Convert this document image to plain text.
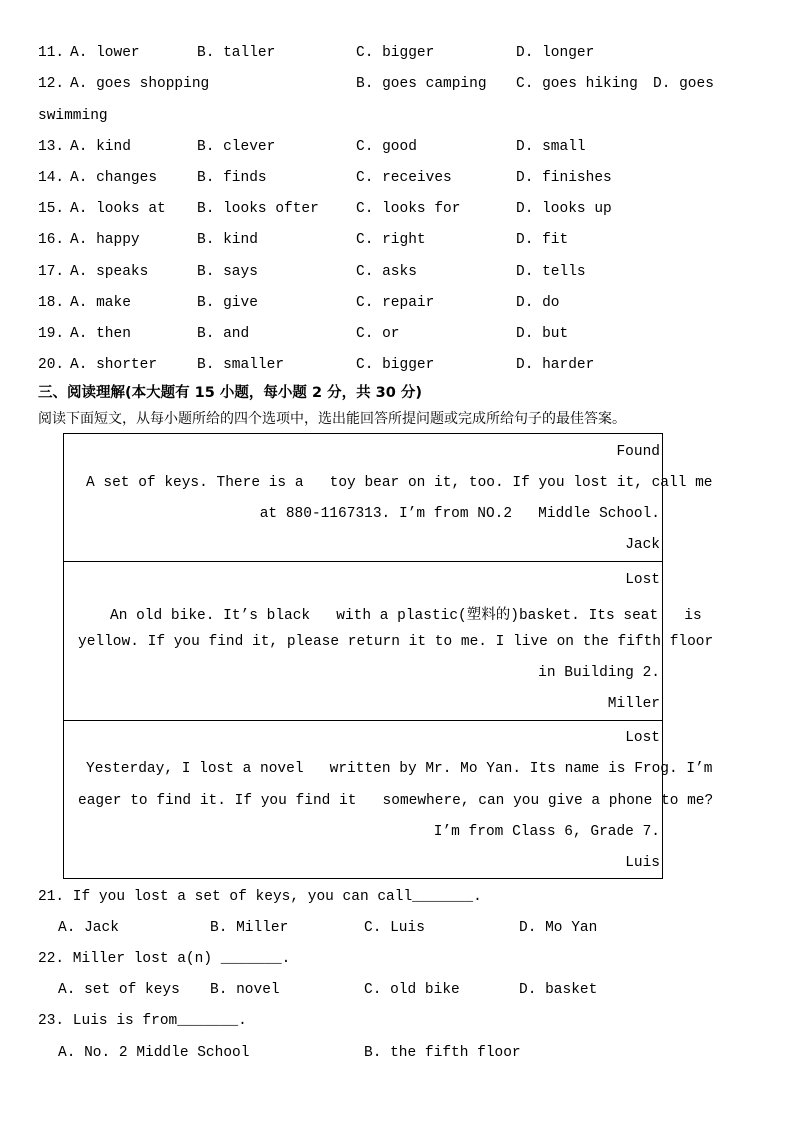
11. A. lower	B. taller	C. bigger	D. longer
12. A. goes shopping	B. goes camping C. goes hiking D. goes
swimming
13. A. kind	B. clever	C. good	D. small
14. A. changes	B. finds	C. receives	D. finishes
15. A. looks at B. looks ofter	C. looks for	D. looks up
16. A. happy	B. kind	C. right	D. fit
17. A. speaks	B. says	C. asks	D. tells
18. A. make	B. give	C. repair	D. do
19. A. then	B. and	C. or	D. but
20. A. shorter	B. smaller	C. bigger	D. harder
三、阅读理解(本大题有 15 小题，每小题 2 分，共 30 分)
阅读下面短文，从每小题所给的四个选项中，选出能回答所提问题或完成所给句子的最佳答案。
Found
A set of keys. There is a   toy bear on it, too. If you lost it, call me
at 880-1167313. I’m from NO.2   Middle School.
Jack
Lost
An old bike. It’s black   with a plastic(塑料的)basket. Its seat   is
yellow. If you find it, please return it to me. I live on the fifth floor
in Building 2.
Miller
Lost
Yesterday, I lost a novel   written by Mr. Mo Yan. Its name is Frog. I’m
eager to find it. If you find it   somewhere, can you give a phone to me?
I’m from Class 6, Grade 7.
Luis
21. If you lost a set of keys, you can call_______.
A. Jack	B. Miller	C. Luis	D. Mo Yan
22. Miller lost a(n) _______.
A. set of keys B. novel	C. old bike	D. basket
23. Luis is from_______.
A. No. 2 Middle School	B. the fifth floor
